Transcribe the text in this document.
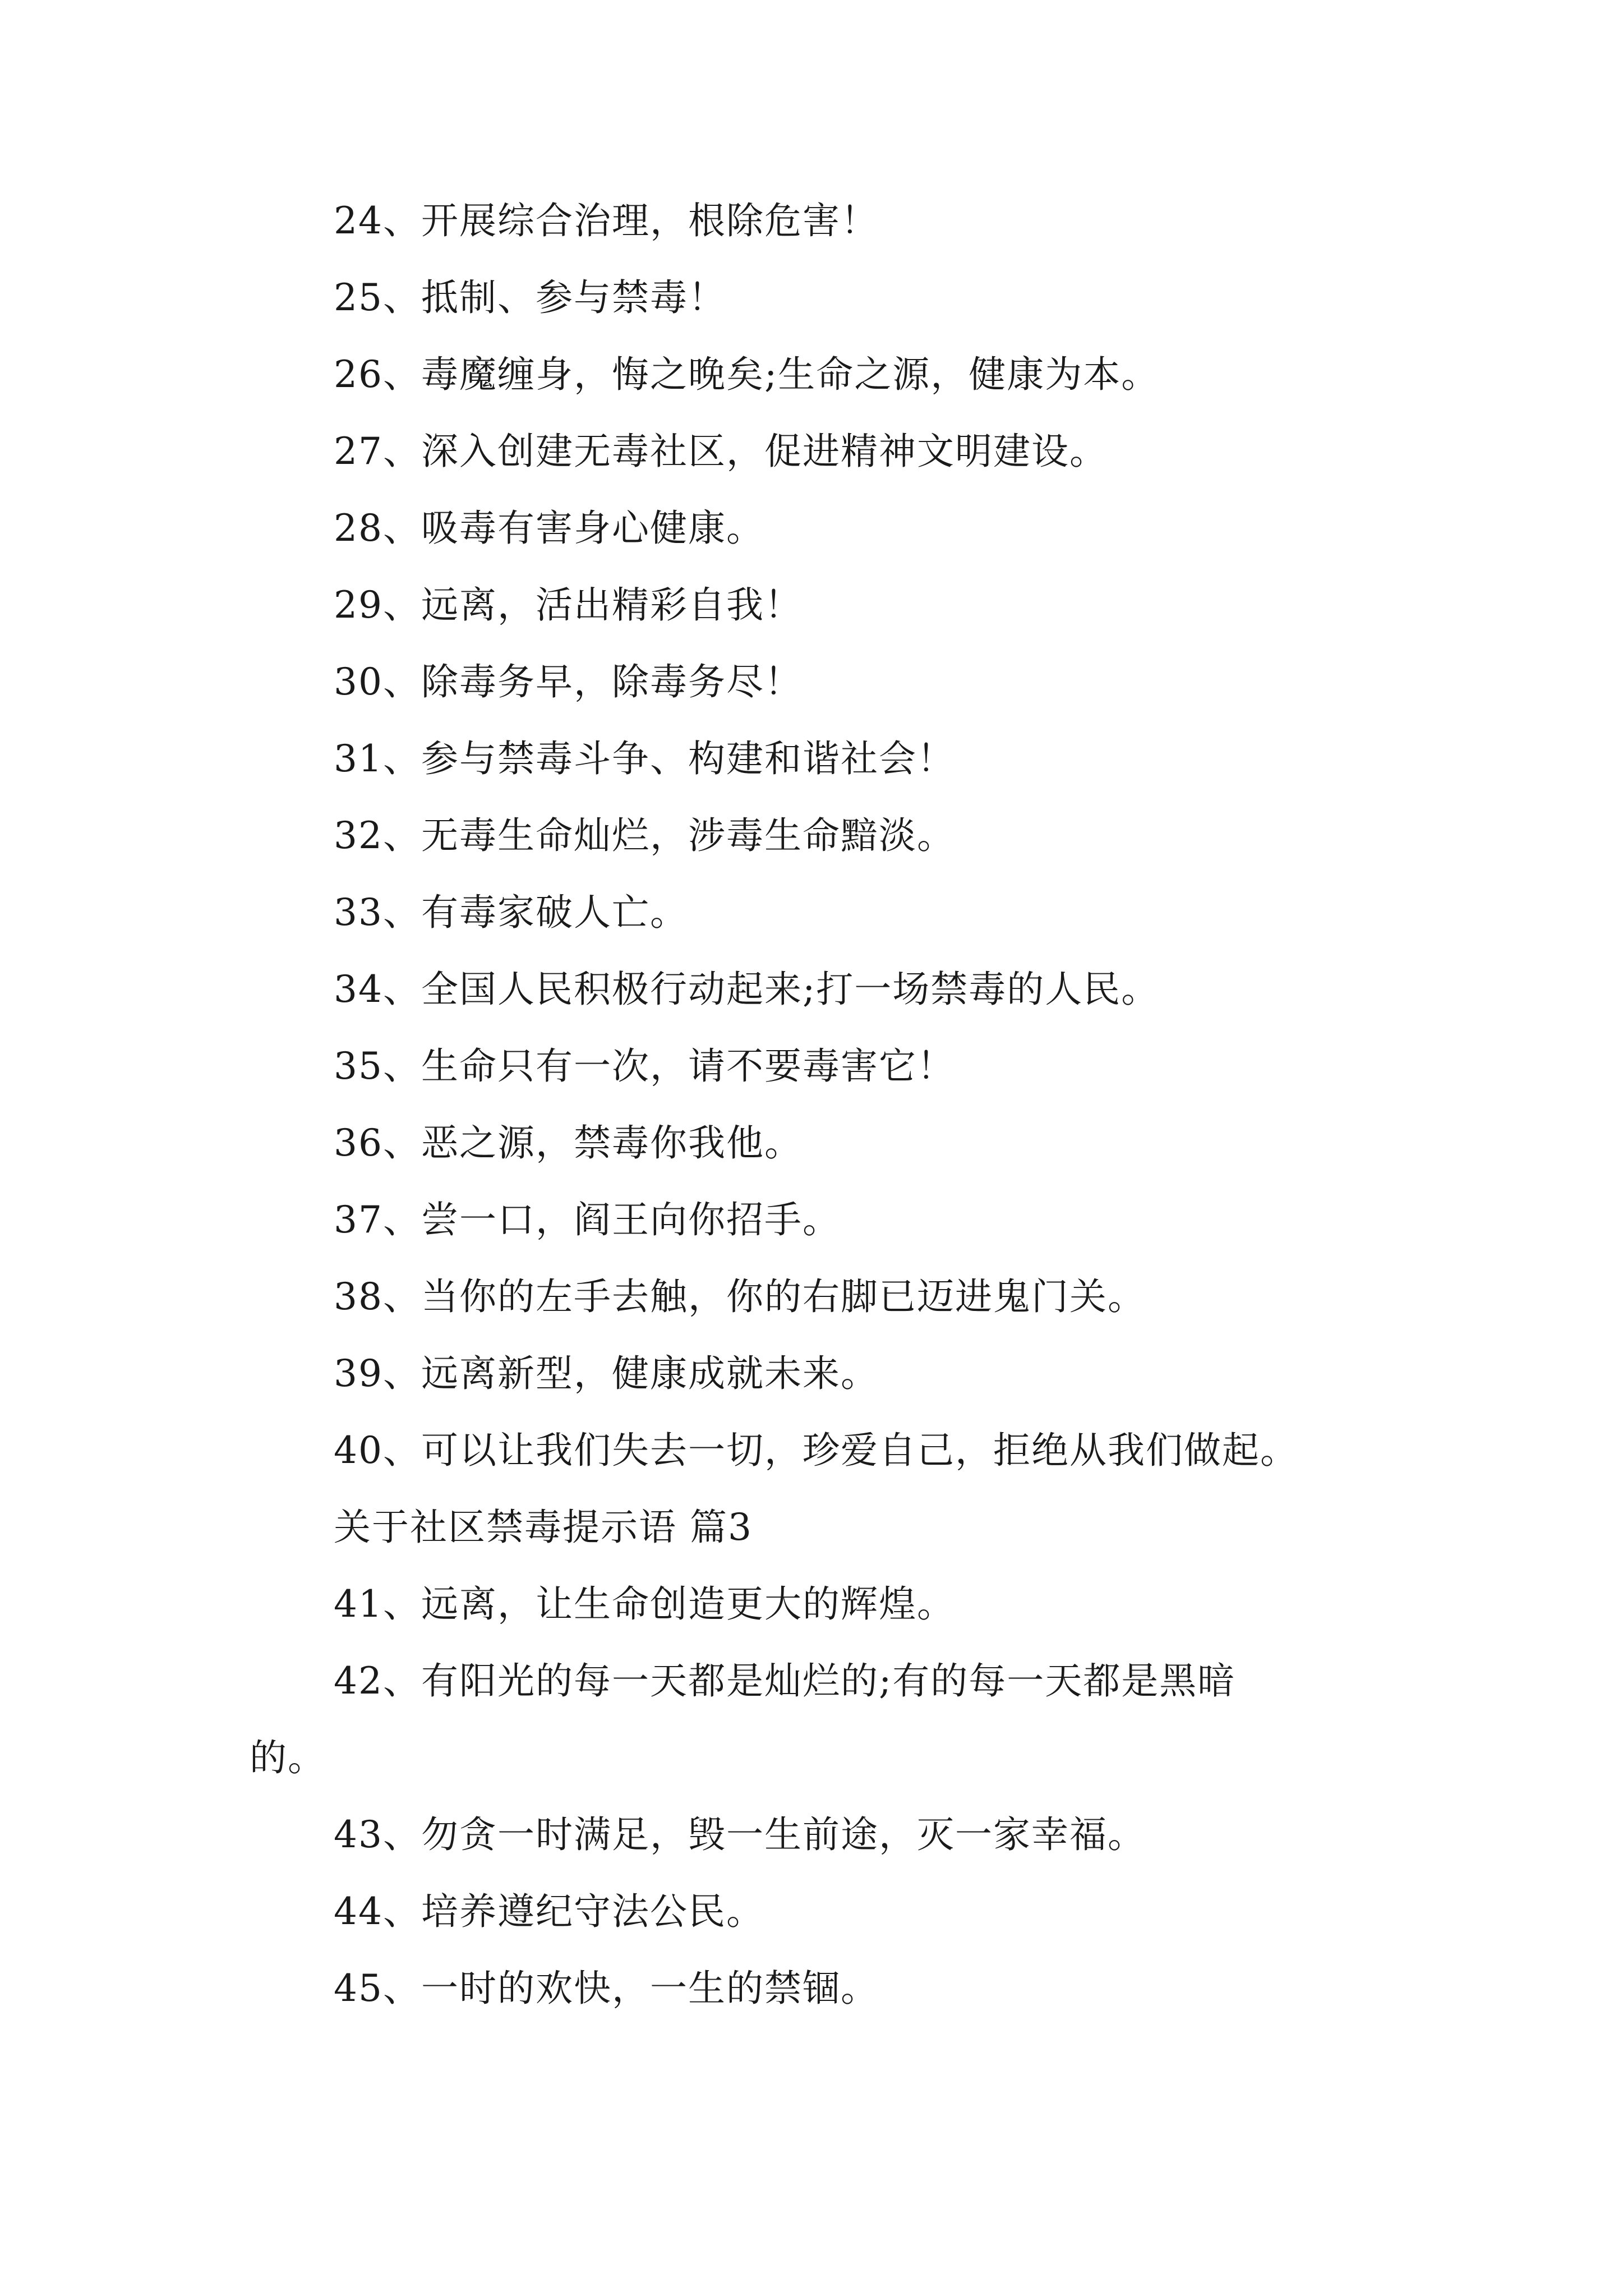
24、开展综合治理，根除危害！
25、抵制、参与禁毒！
26、毒魔缠身，悔之晚矣;生命之源，健康为本。
27、深入创建无毒社区，促进精神文明建设。
28、吸毒有害身心健康。
29、远离，活出精彩自我！
30、除毒务早，除毒务尽！
31、参与禁毒斗争、构建和谐社会！
32、无毒生命灿烂，涉毒生命黯淡。
33、有毒家破人亡。
34、全国人民积极行动起来;打一场禁毒的人民。
35、生命只有一次，请不要毒害它！
36、恶之源，禁毒你我他。
37、尝一口，阎王向你招手。
38、当你的左手去触，你的右脚已迈进鬼门关。
39、远离新型，健康成就未来。
40、可以让我们失去一切，珍爱自己，拒绝从我们做起。
关于社区禁毒提示语 篇3
41、远离，让生命创造更大的辉煌。
42、有阳光的每一天都是灿烂的;有的每一天都是黑暗
的。
43、勿贪一时满足，毁一生前途，灭一家幸福。
44、培养遵纪守法公民。
45、一时的欢快，一生的禁锢。
